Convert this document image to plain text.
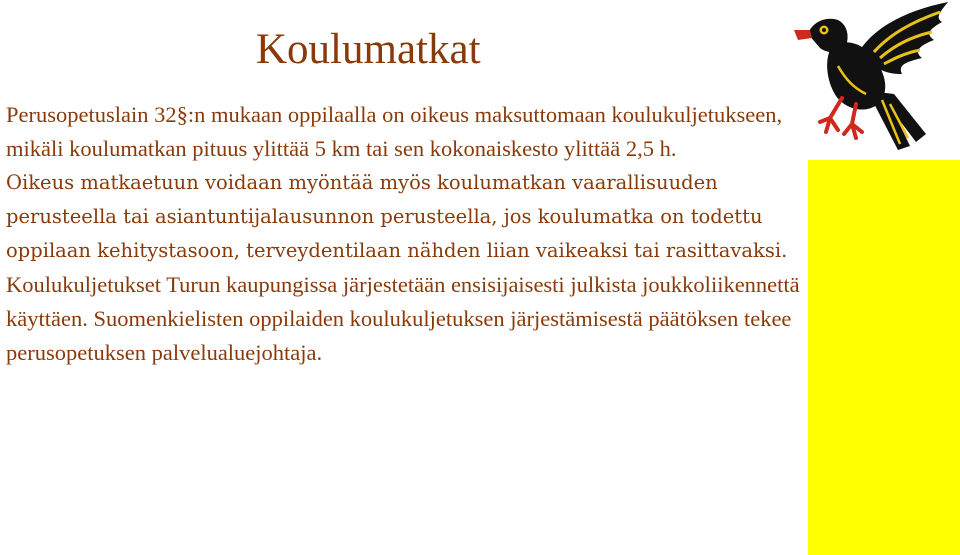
Koulumatkat

Perusopetuslain 32§:n mukaan oppilaalla on oikeus maksuttomaan koulukuljetukseen, mikäli koulumatkan pituus ylittää 5 km tai sen kokonaiskesto ylittää 2,5 h.

Oikeus matkaetuun voidaan myöntää myös koulumatkan vaarallisuuden perusteella tai asiantuntijalausunnon perusteella, jos koulumatka on todettu oppilaan kehitystasoon, terveydentilaan nähden liian vaikeaksi tai rasittavaksi.

Koulukuljetukset Turun kaupungissa järjestetään ensisijaisesti julkista joukkoliikennettä käyttäen. Suomenkielisten oppilaiden koulukuljetuksen järjestämisestä päätöksen tekee perusopetuksen palvelualuejohtaja.
